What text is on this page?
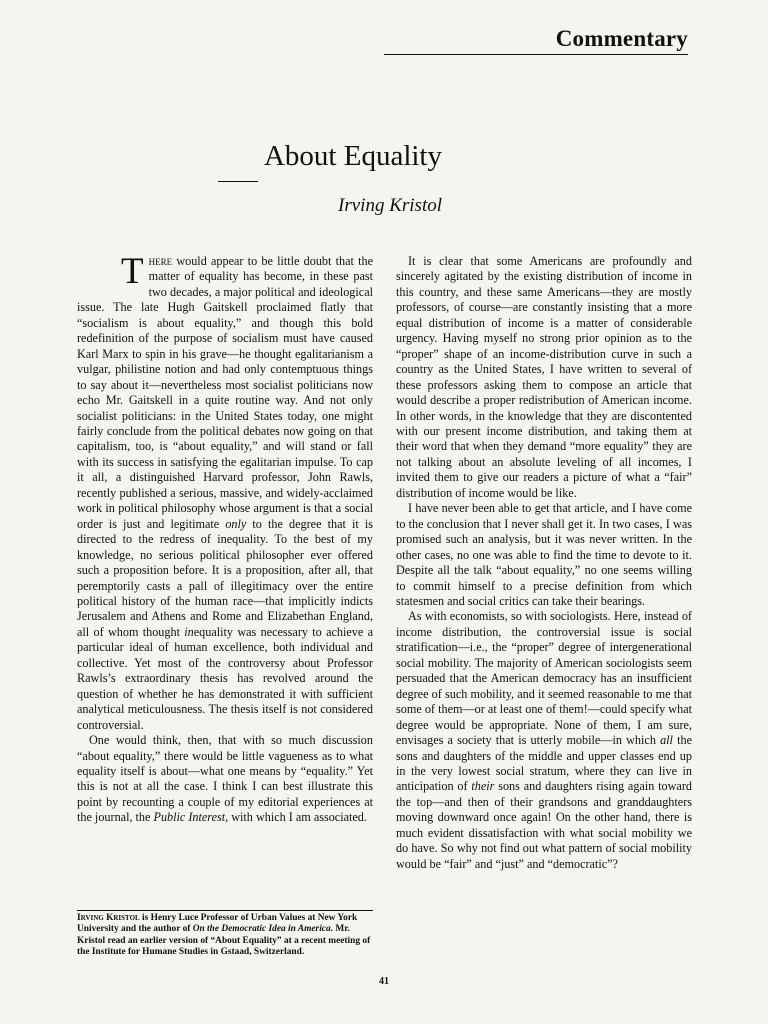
Commentary
About Equality
Irving Kristol

There would appear to be little doubt that the matter of equality has become, in these past two decades, a major political and ideological issue. The late Hugh Gaitskell proclaimed flatly that “socialism is about equality,” and though this bold redefinition of the purpose of socialism must have caused Karl Marx to spin in his grave—he thought egalitarianism a vulgar, philistine notion and had only contemptuous things to say about it—nevertheless most socialist politicians now echo Mr. Gaitskell in a quite routine way. And not only socialist politicians: in the United States today, one might fairly conclude from the political debates now going on that capitalism, too, is “about equality,” and will stand or fall with its success in satisfying the egalitarian impulse. To cap it all, a distinguished Harvard professor, John Rawls, recently published a serious, massive, and widely-acclaimed work in political philosophy whose argument is that a social order is just and legitimate only to the degree that it is directed to the redress of inequality. To the best of my knowledge, no serious political philosopher ever offered such a proposition before. It is a proposition, after all, that peremptorily casts a pall of illegitimacy over the entire political history of the human race—that implicitly indicts Jerusalem and Athens and Rome and Elizabethan England, all of whom thought inequality was necessary to achieve a particular ideal of human excellence, both individual and collective. Yet most of the controversy about Professor Rawls’s extraordinary thesis has revolved around the question of whether he has demonstrated it with sufficient analytical meticulousness. The thesis itself is not considered controversial.

One would think, then, that with so much discussion “about equality,” there would be little vagueness as to what equality itself is about—what one means by “equality.” Yet this is not at all the case. I think I can best illustrate this point by recounting a couple of my editorial experiences at the journal, the Public Interest, with which I am associated.

Irving Kristol is Henry Luce Professor of Urban Values at New York University and the author of On the Democratic Idea in America. Mr. Kristol read an earlier version of “About Equality” at a recent meeting of the Institute for Humane Studies in Gstaad, Switzerland.

It is clear that some Americans are profoundly and sincerely agitated by the existing distribution of income in this country, and these same Americans—they are mostly professors, of course—are constantly insisting that a more equal distribution of income is a matter of considerable urgency. Having myself no strong prior opinion as to the “proper” shape of an income-distribution curve in such a country as the United States, I have written to several of these professors asking them to compose an article that would describe a proper redistribution of American income. In other words, in the knowledge that they are discontented with our present income distribution, and taking them at their word that when they demand “more equality” they are not talking about an absolute leveling of all incomes, I invited them to give our readers a picture of what a “fair” distribution of income would be like.

I have never been able to get that article, and I have come to the conclusion that I never shall get it. In two cases, I was promised such an analysis, but it was never written. In the other cases, no one was able to find the time to devote to it. Despite all the talk “about equality,” no one seems willing to commit himself to a precise definition from which statesmen and social critics can take their bearings.

As with economists, so with sociologists. Here, instead of income distribution, the controversial issue is social stratification—i.e., the “proper” degree of intergenerational social mobility. The majority of American sociologists seem persuaded that the American democracy has an insufficient degree of such mobility, and it seemed reasonable to me that some of them—or at least one of them!—could specify what degree would be appropriate. None of them, I am sure, envisages a society that is utterly mobile—in which all the sons and daughters of the middle and upper classes end up in the very lowest social stratum, where they can live in anticipation of their sons and daughters rising again toward the top—and then of their grandsons and granddaughters moving downward once again! On the other hand, there is much evident dissatisfaction with what social mobility we do have. So why not find out what pattern of social mobility would be “fair” and “just” and “democratic”?

41
